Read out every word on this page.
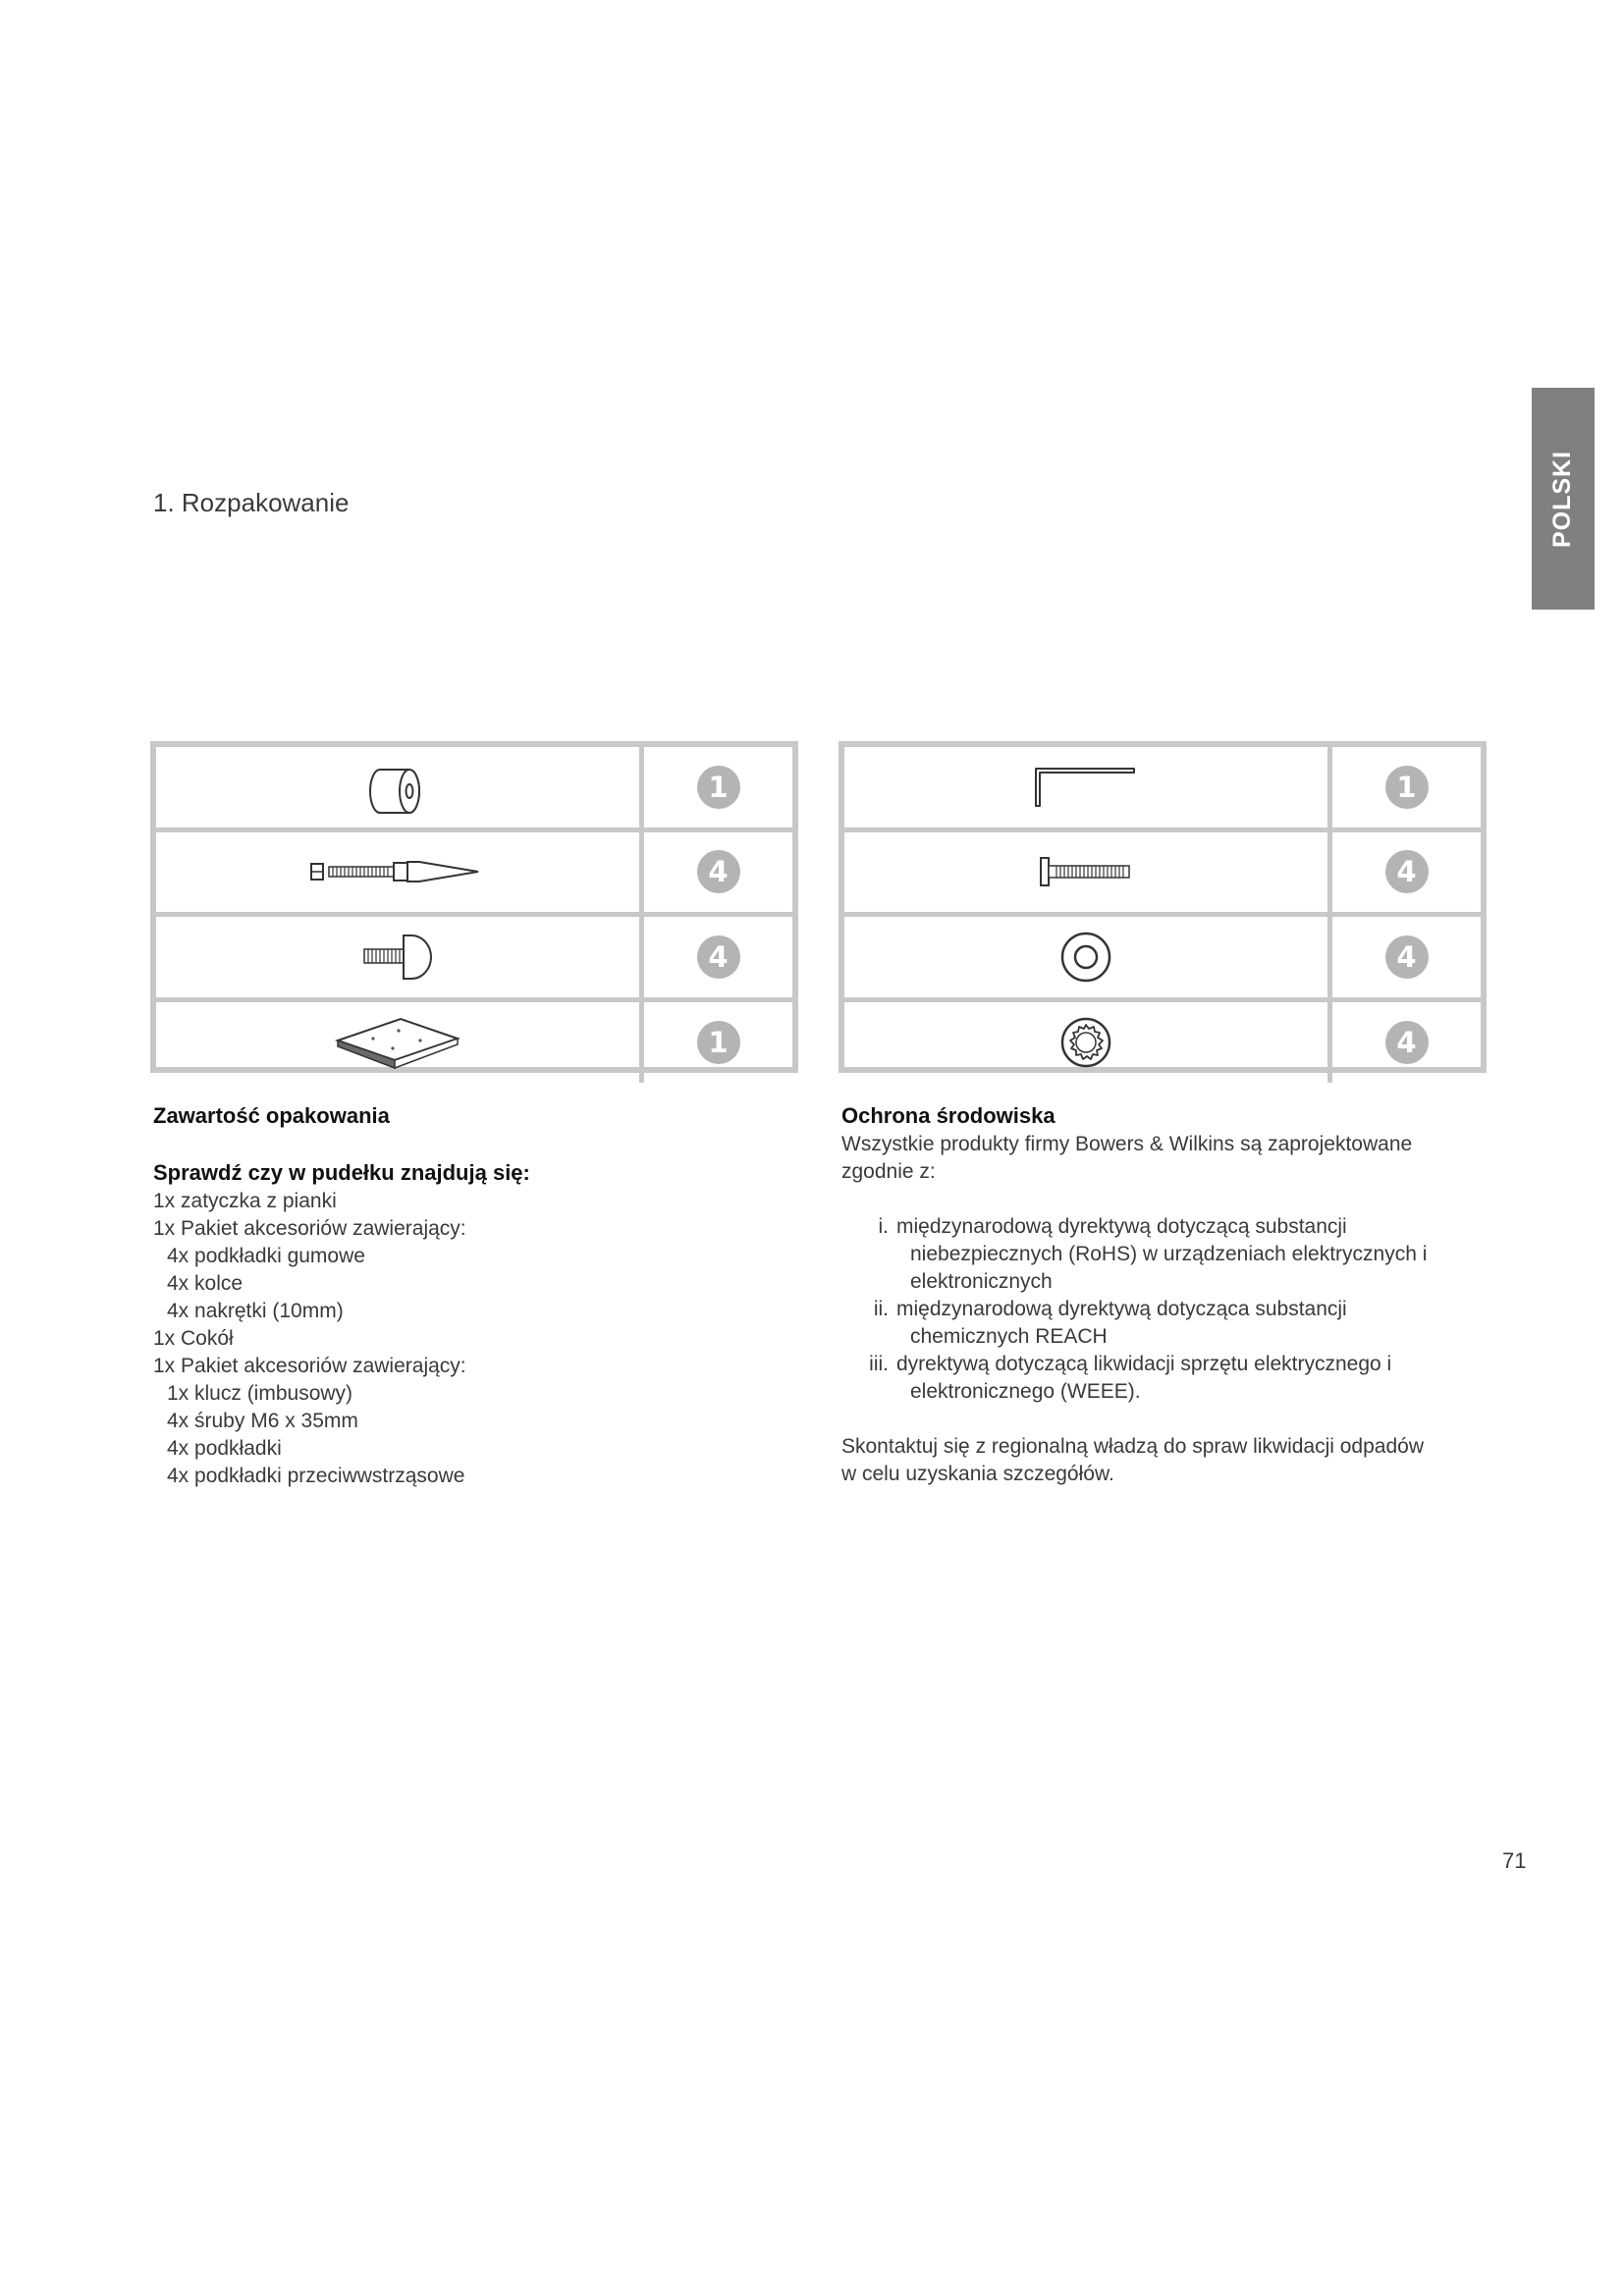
POLSKI
1. Rozpakowanie
1
4
4
1
1
4
4
4
Zawartość opakowania
Sprawdź czy w pudełku znajdują się:

1x zatyczka z pianki

1x Pakiet akcesoriów zawierający:

4x podkładki gumowe

4x kolce

4x nakrętki (10mm)

1x Cokół

1x Pakiet akcesoriów zawierający:

1x klucz (imbusowy)

4x śruby M6 x 35mm

4x podkładki

4x podkładki przeciwwstrząsowe

Ochrona środowiska

Wszystkie produkty firmy Bowers & Wilkins są zaprojektowane

zgodnie z:

i. międzynarodową dyrektywą dotyczącą substancji

niebezpiecznych (RoHS) w urządzeniach elektrycznych i

elektronicznych

ii. międzynarodową dyrektywą dotycząca substancji

chemicznych REACH

iii. dyrektywą dotyczącą likwidacji sprzętu elektrycznego i

elektronicznego (WEEE).

Skontaktuj się z regionalną władzą do spraw likwidacji odpadów

w celu uzyskania szczegółów.

71
